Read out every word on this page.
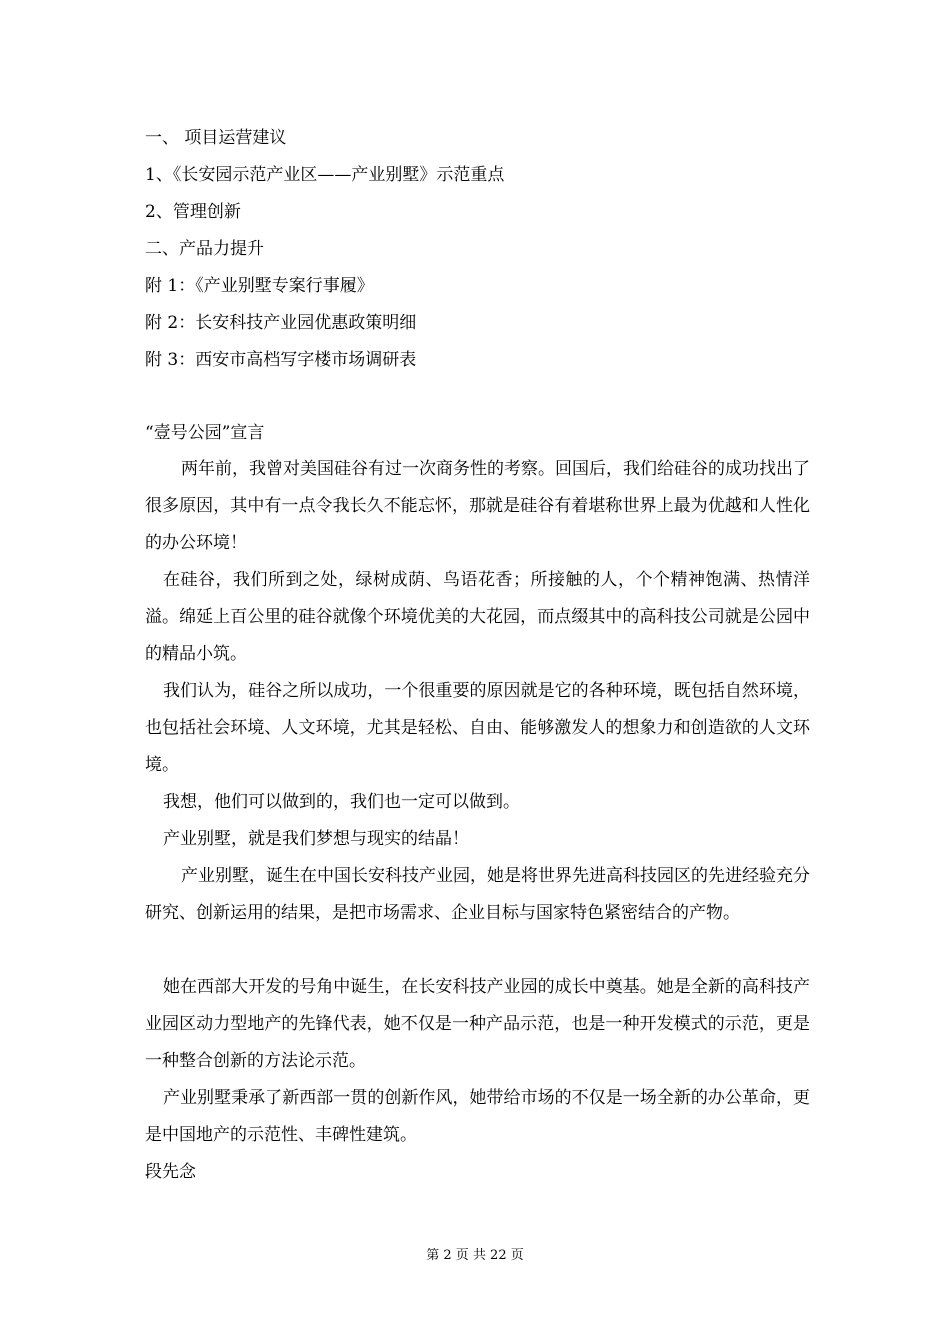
一、 项目运营建议
1、《长安园示范产业区——产业别墅》示范重点
2、管理创新
二、产品力提升
附 1：《产业别墅专案行事履》
附 2：长安科技产业园优惠政策明细
附 3：西安市高档写字楼市场调研表
“壹号公园”宣言
两年前，我曾对美国硅谷有过一次商务性的考察。回国后，我们给硅谷的成功找出了很多原因，其中有一点令我长久不能忘怀，那就是硅谷有着堪称世界上最为优越和人性化的办公环境！
在硅谷，我们所到之处，绿树成荫、鸟语花香；所接触的人，个个精神饱满、热情洋溢。绵延上百公里的硅谷就像个环境优美的大花园，而点缀其中的高科技公司就是公园中的精品小筑。
我们认为，硅谷之所以成功，一个很重要的原因就是它的各种环境，既包括自然环境，也包括社会环境、人文环境，尤其是轻松、自由、能够激发人的想象力和创造欲的人文环境。
我想，他们可以做到的，我们也一定可以做到。
产业别墅，就是我们梦想与现实的结晶！
产业别墅，诞生在中国长安科技产业园，她是将世界先进高科技园区的先进经验充分研究、创新运用的结果，是把市场需求、企业目标与国家特色紧密结合的产物。
她在西部大开发的号角中诞生，在长安科技产业园的成长中奠基。她是全新的高科技产业园区动力型地产的先锋代表，她不仅是一种产品示范，也是一种开发模式的示范，更是一种整合创新的方法论示范。
产业别墅秉承了新西部一贯的创新作风，她带给市场的不仅是一场全新的办公革命，更是中国地产的示范性、丰碑性建筑。
段先念
第 2 页 共 22 页
